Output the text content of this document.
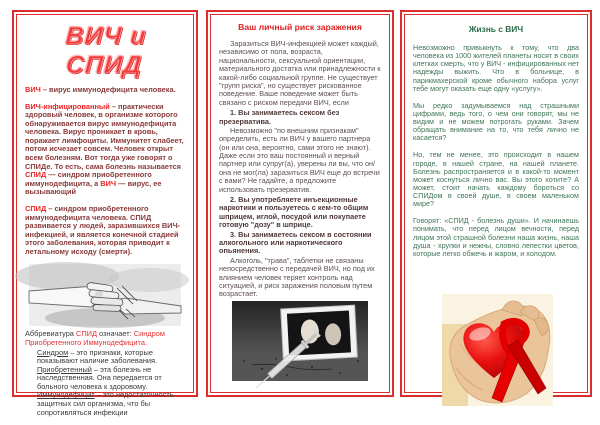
ВИЧ и СПИД

ВИЧ – вирус иммунодефицита человека.

ВИЧ-инфицированный – практически здоровый человек, в организме которого обнаруживается вирус иммунодефицита человека. Вирус проникает в кровь, поражает лимфоциты. Иммунитет слабеет, потом исчезает совсем. Человек открыт всем болезням. Вот тогда уже говорят о СПИДе. То есть, сама болезнь называется СПИД — синдром приобретенного иммунодефицита, а ВИЧ — вирус, ее вызывающий

СПИД – синдром приобретенного иммунодефицита человека. СПИД развивается у людей, заразившихся ВИЧ-инфекцией, и является конечной стадией этого заболевания, которая приводит к летальному исходу (смерти).

Аббревиатура СПИД означает: Синдром Приобретенного Иммунодефицита.

Синдром – это признаки, которые показывают наличие заболевания.
Приобретенный – эта болезнь не наследственная. Она передается от больного человека к здоровому.
Иммунодефицит – это недостаточность защитных сил организма, что бы сопротивляться инфекции
Ваш личный риск заражения

Заразиться ВИЧ-инфекцией может каждый, независимо от пола, возраста, национальности, сексуальной ориентации, материального достатка или принадлежности к какой-либо социальной группе. Не существует "групп риска", но существует рискованное поведение. Ваше поведение может быть связано с риском передачи ВИЧ, если

1. Вы занимаетесь сексом без презерватива.

Невозможно "по внешним признакам" определить, есть ли ВИЧ у вашего партнера (он или она, вероятно, сами этого не знают). Даже если это ваш постоянный и верный партнер или супруг(а), уверены ли вы, что он/она не мог(ла) заразиться ВИЧ еще до встречи с вами? Не гадайте, а предложите использовать презерватив.

2. Вы употребляете инъекционные наркотики и пользуетесь с кем-то общим шприцем, иглой, посудой или покупаете готовую "дозу" в шприце.

3. Вы занимаетесь сексом в состоянии алкогольного или наркотического опьянения.

Алкоголь, "трава", таблетки не связаны непосредственно с передачей ВИЧ, но под их влиянием человек теряет контроль над ситуацией, и риск заражения половым путем возрастает.

Жизнь с ВИЧ

Невозможно привыкнуть к тому, что два человека из 1000 жителей планеты носят в своих клетках смерть, что у ВИЧ - инфицированных нет надежды выжить. Что в больнице, в парикмахерской кроме обычного набора услуг тебе могут оказать еще одну «услугу».

Мы редко задумываемся над страшными цифрами, ведь того, о чем они говорят, мы не видим и не можем потрогать руками. Зачем обращать внимание на то, что тебя лично не касается?

Но, тем не менее, это происходит в нашем городе, в нашей стране, на нашей планете. Болезнь распространяется и в какой-то момент может коснуться лично вас. Вы этого хотите? А может, стоит начать каждому бороться со СПИДом в своей душе, в своем маленьком мире?

Говорят: «СПИД - болезнь души». И начинаешь понимать, что перед лицом вечности, перед лицом этой страшной болезни наша жизнь, наша душа - хрупки и нежны, словно лепестки цветов, которые легко обжечь и жаром, и холодом.
